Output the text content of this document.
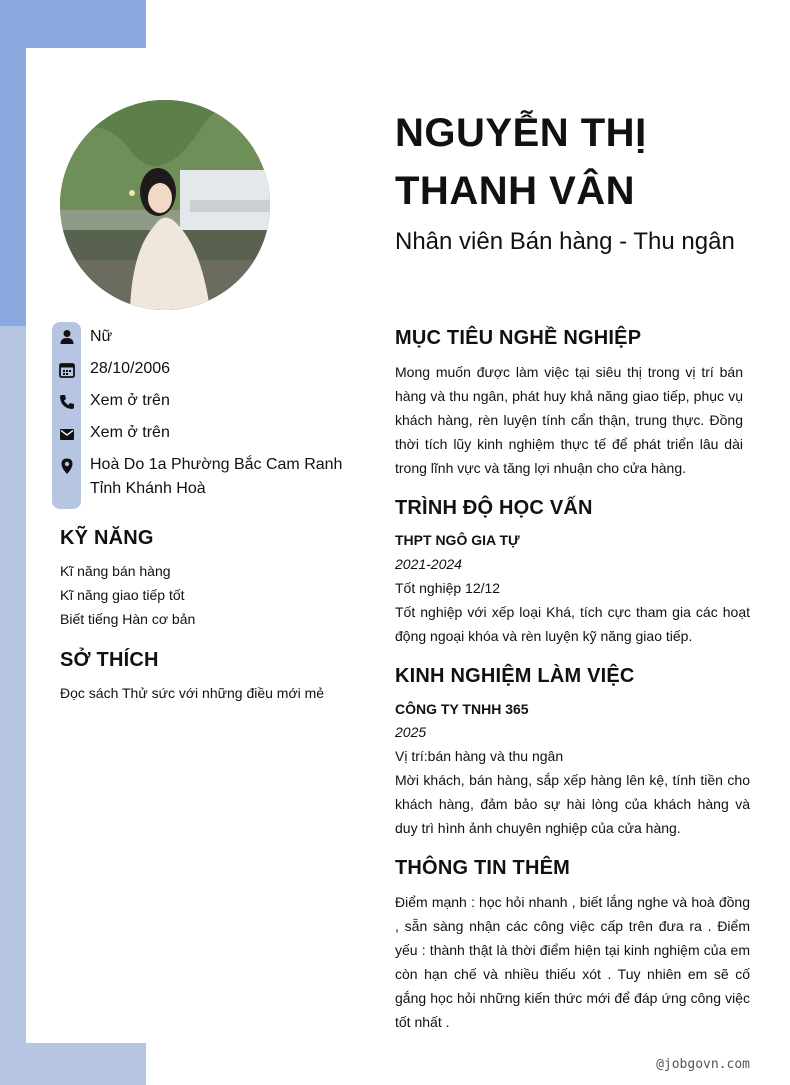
Nữ
28/10/2006
Xem ở trên
Xem ở trên
Hoà Do 1a Phường Bắc Cam Ranh
Tỉnh Khánh Hoà
KỸ NĂNG
Kĩ năng bán hàng
Kĩ năng giao tiếp tốt
Biết tiếng Hàn cơ bản
SỞ THÍCH
Đọc sách Thử sức với những điều mới mẻ
NGUYỄN THỊ
THANH VÂN
Nhân viên Bán hàng - Thu ngân
MỤC TIÊU NGHỀ NGHIỆP
Mong muốn được làm việc tại siêu thị trong vị trí bán hàng và thu ngân, phát huy khả năng giao tiếp, phục vụ khách hàng, rèn luyện tính cẩn thận, trung thực. Đồng thời tích lũy kinh nghiệm thực tế để phát triển lâu dài trong lĩnh vực và tăng lợi nhuận cho cửa hàng.
TRÌNH ĐỘ HỌC VẤN
THPT NGÔ GIA TỰ
2021-2024
Tốt nghiệp 12/12
Tốt nghiệp với xếp loại Khá, tích cực tham gia các hoạt động ngoại khóa và rèn luyện kỹ năng giao tiếp.
KINH NGHIỆM LÀM VIỆC
CÔNG TY TNHH 365
2025
Vị trí:bán hàng và thu ngân
Mời khách, bán hàng, sắp xếp hàng lên kệ, tính tiền cho khách hàng, đảm bảo sự hài lòng của khách hàng và duy trì hình ảnh chuyên nghiệp của cửa hàng.
THÔNG TIN THÊM
Điểm mạnh : học hỏi nhanh , biết lắng nghe và hoà đồng , sẵn sàng nhận các công việc cấp trên đưa ra . Điểm yếu : thành thật là thời điểm hiện tại kinh nghiệm của em còn hạn chế và nhiều thiếu xót . Tuy nhiên em sẽ cố gắng học hỏi những kiến thức mới để đáp ứng công việc tốt nhất .
@jobgovn.com
